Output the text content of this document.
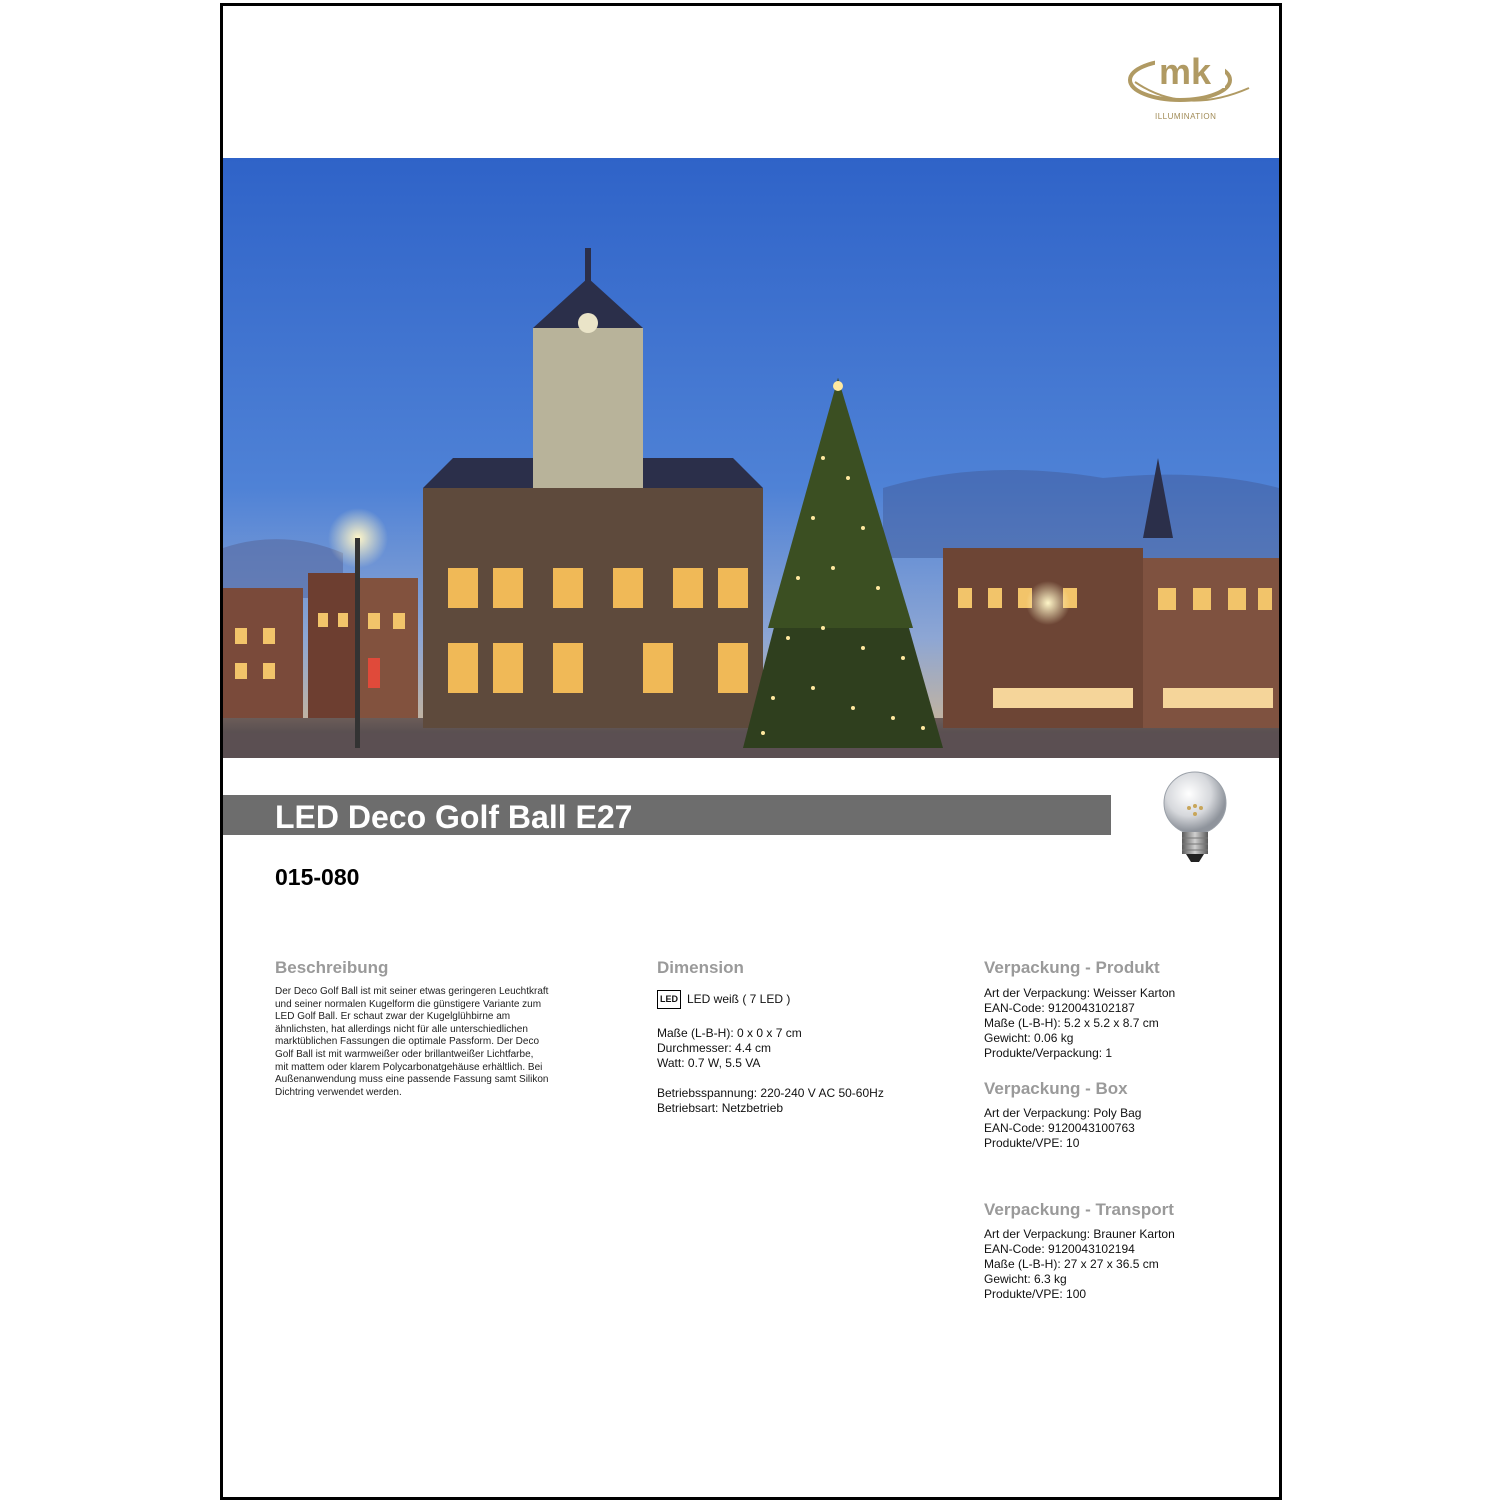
mk
ILLUMINATION
LED Deco Golf Ball E27
015-080
Beschreibung

Der Deco Golf Ball ist mit seiner etwas geringeren Leuchtkraft
und seiner normalen Kugelform die günstigere Variante zum
LED Golf Ball. Er schaut zwar der Kugelglühbirne am
ähnlichsten, hat allerdings nicht für alle unterschiedlichen
marktüblichen Fassungen die optimale Passform. Der Deco
Golf Ball ist mit warmweißer oder brillantweißer Lichtfarbe,
mit mattem oder klarem Polycarbonatgehäuse erhältlich. Bei
Außenanwendung muss eine passende Fassung samt Silikon
Dichtring verwendet werden.

Dimension
LED LED weiß ( 7 LED )
Maße (L-B-H): 0 x 0 x 7 cm
Durchmesser: 4.4 cm
Watt: 0.7 W, 5.5 VA
Betriebsspannung: 220-240 V AC 50-60Hz
Betriebsart: Netzbetrieb
Verpackung - Produkt
Art der Verpackung: Weisser Karton
EAN-Code: 9120043102187
Maße (L-B-H): 5.2 x 5.2 x 8.7 cm
Gewicht: 0.06 kg
Produkte/Verpackung: 1
Verpackung - Box
Art der Verpackung: Poly Bag
EAN-Code: 9120043100763
Produkte/VPE: 10
Verpackung - Transport
Art der Verpackung: Brauner Karton
EAN-Code: 9120043102194
Maße (L-B-H): 27 x 27 x 36.5 cm
Gewicht: 6.3 kg
Produkte/VPE: 100
